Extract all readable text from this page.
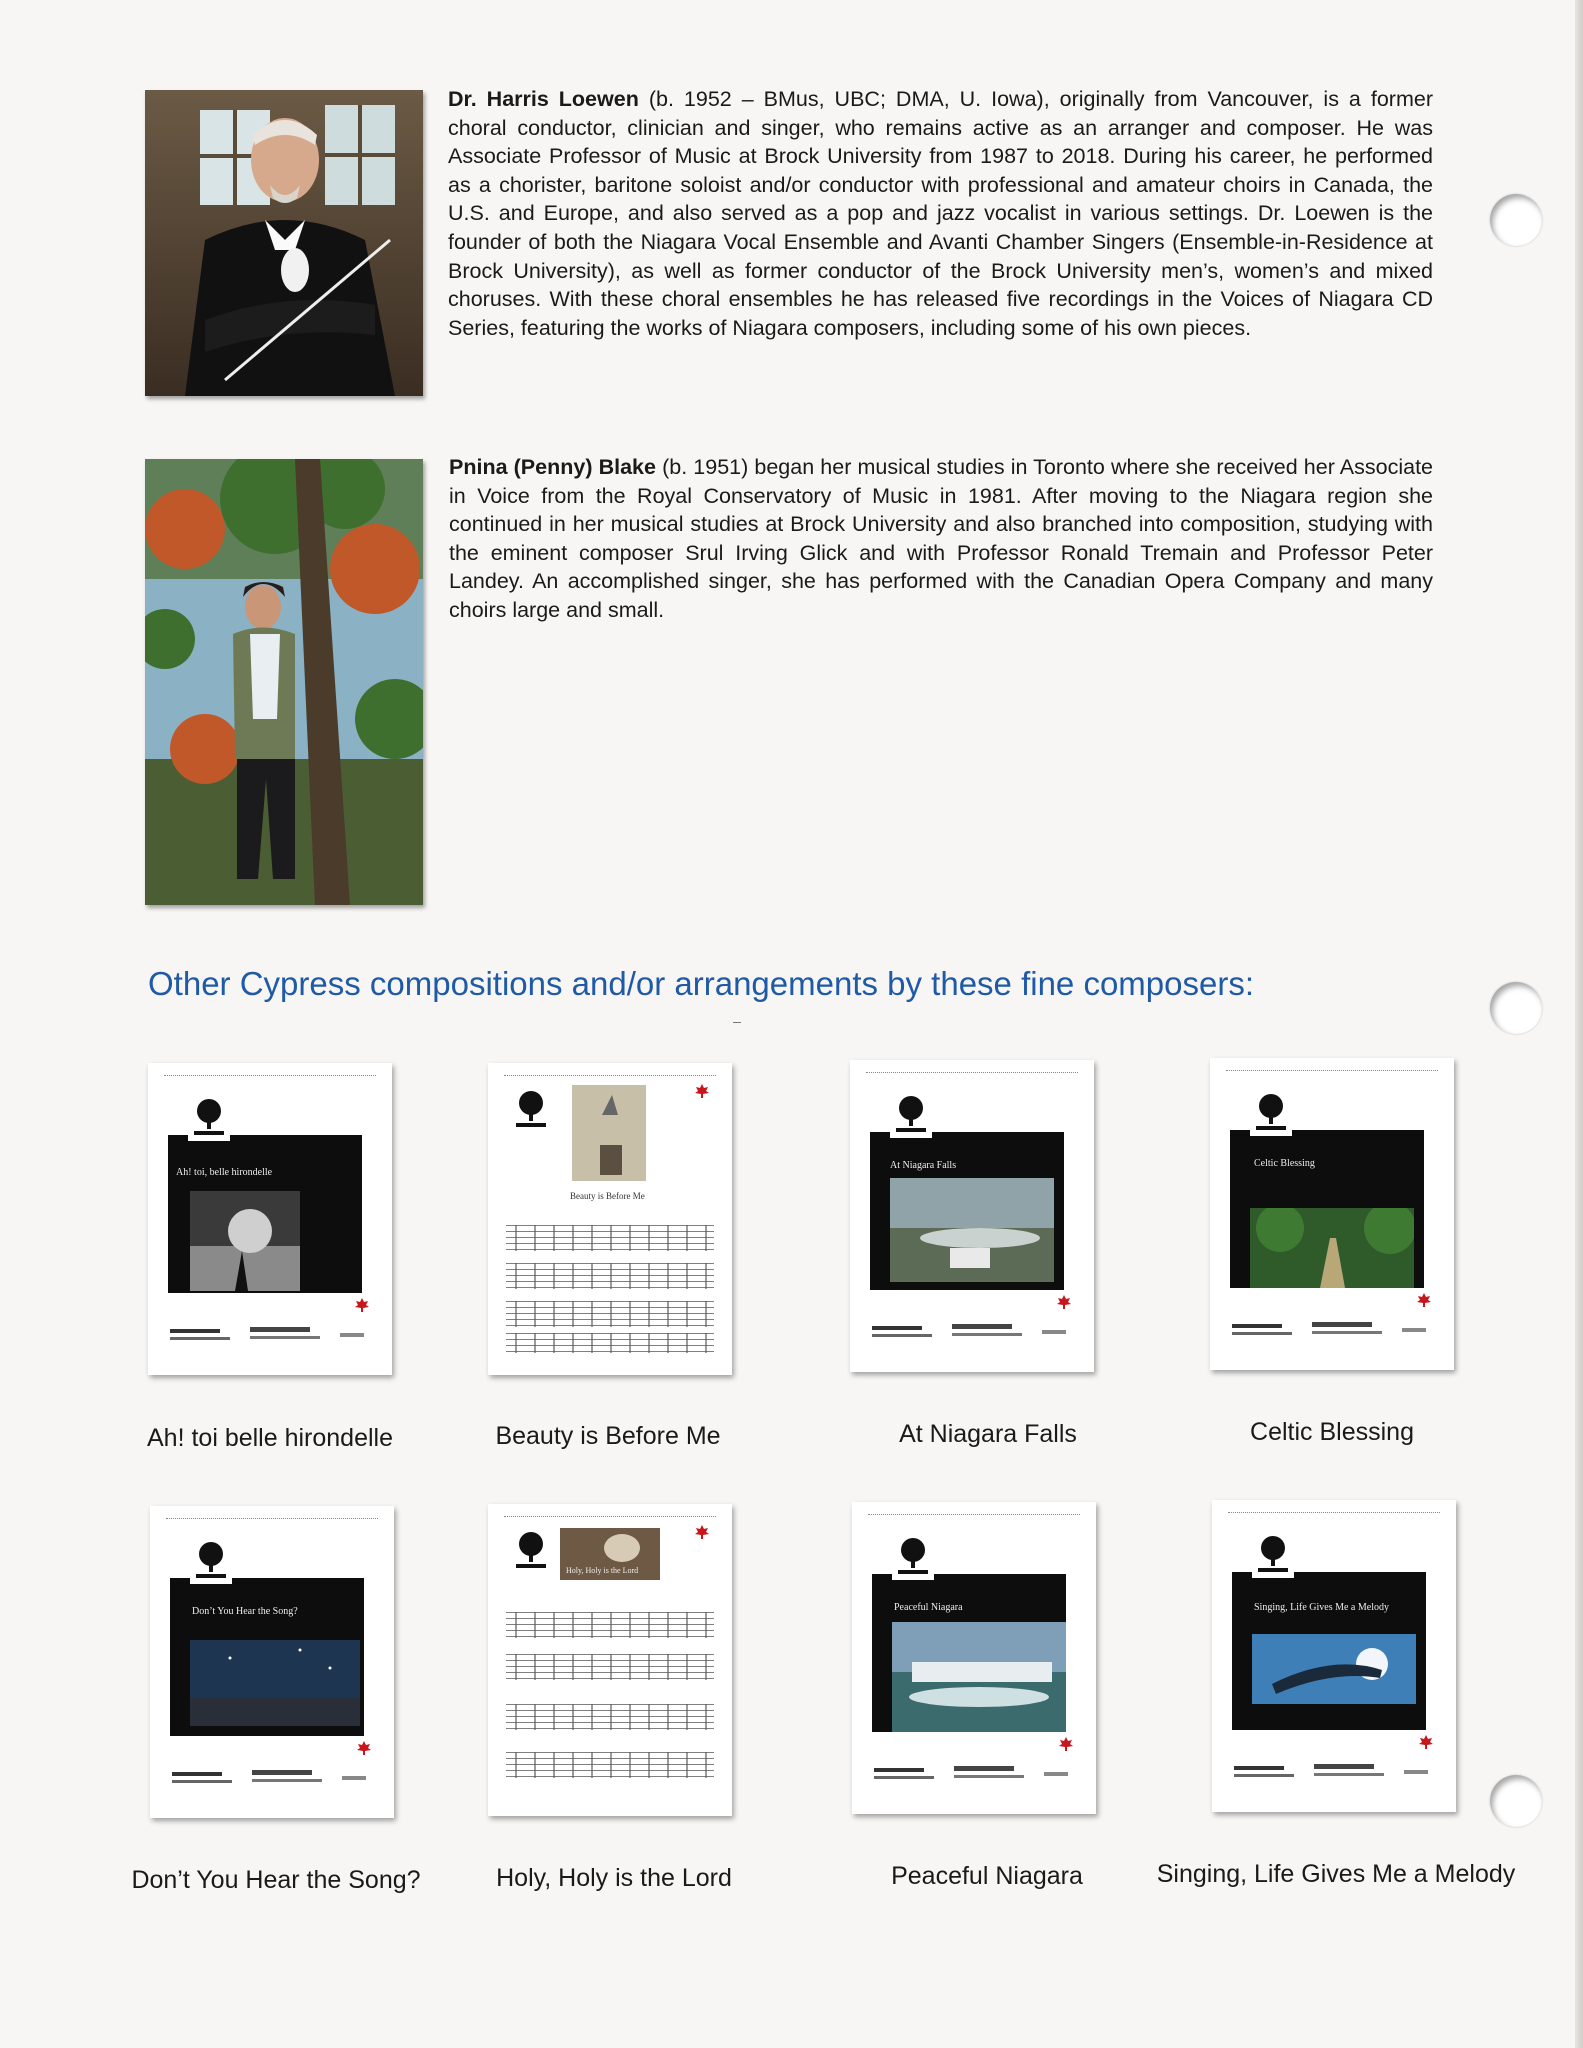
Dr. Harris Loewen (b. 1952 – BMus, UBC; DMA, U. Iowa), originally from Vancouver, is a former choral conductor, clinician and singer, who remains active as an arranger and composer. He was Associate Professor of Music at Brock University from 1987 to 2018. During his career, he performed as a chorister, baritone soloist and/or conductor with professional and amateur choirs in Canada, the U.S. and Europe, and also served as a pop and jazz vocalist in various settings. Dr. Loewen is the founder of both the Niagara Vocal Ensemble and Avanti Chamber Singers (Ensemble-in-Residence at Brock University), as well as former conductor of the Brock University men’s, women’s and mixed choruses. With these choral ensembles he has released five recordings in the Voices of Niagara CD Series, featuring the works of Niagara composers, including some of his own pieces.

Pnina (Penny) Blake (b. 1951) began her musical studies in Toronto where she received her Associate in Voice from the Royal Conservatory of Music in 1981. After moving to the Niagara region she continued in her musical studies at Brock University and also branched into composition, studying with the eminent composer Srul Irving Glick and with Professor Ronald Tremain and Professor Peter Landey. An accomplished singer, she has performed with the Canadian Opera Company and many choirs large and small.

Other Cypress compositions and/or arrangements by these fine composers:
Ah! toi, belle hirondelle
Beauty is Before Me
At Niagara Falls	Celtic Blessing
Ah! toi belle hirondelle	Beauty is Before Me	At Niagara Falls	Celtic Blessing
Don’t You Hear the Song?
Holy, Holy is the Lord
Peaceful Niagara	Singing, Life Gives Me a Melody
Don’t You Hear the Song?	Holy, Holy is the Lord	Peaceful Niagara	Singing, Life Gives Me a Melody
